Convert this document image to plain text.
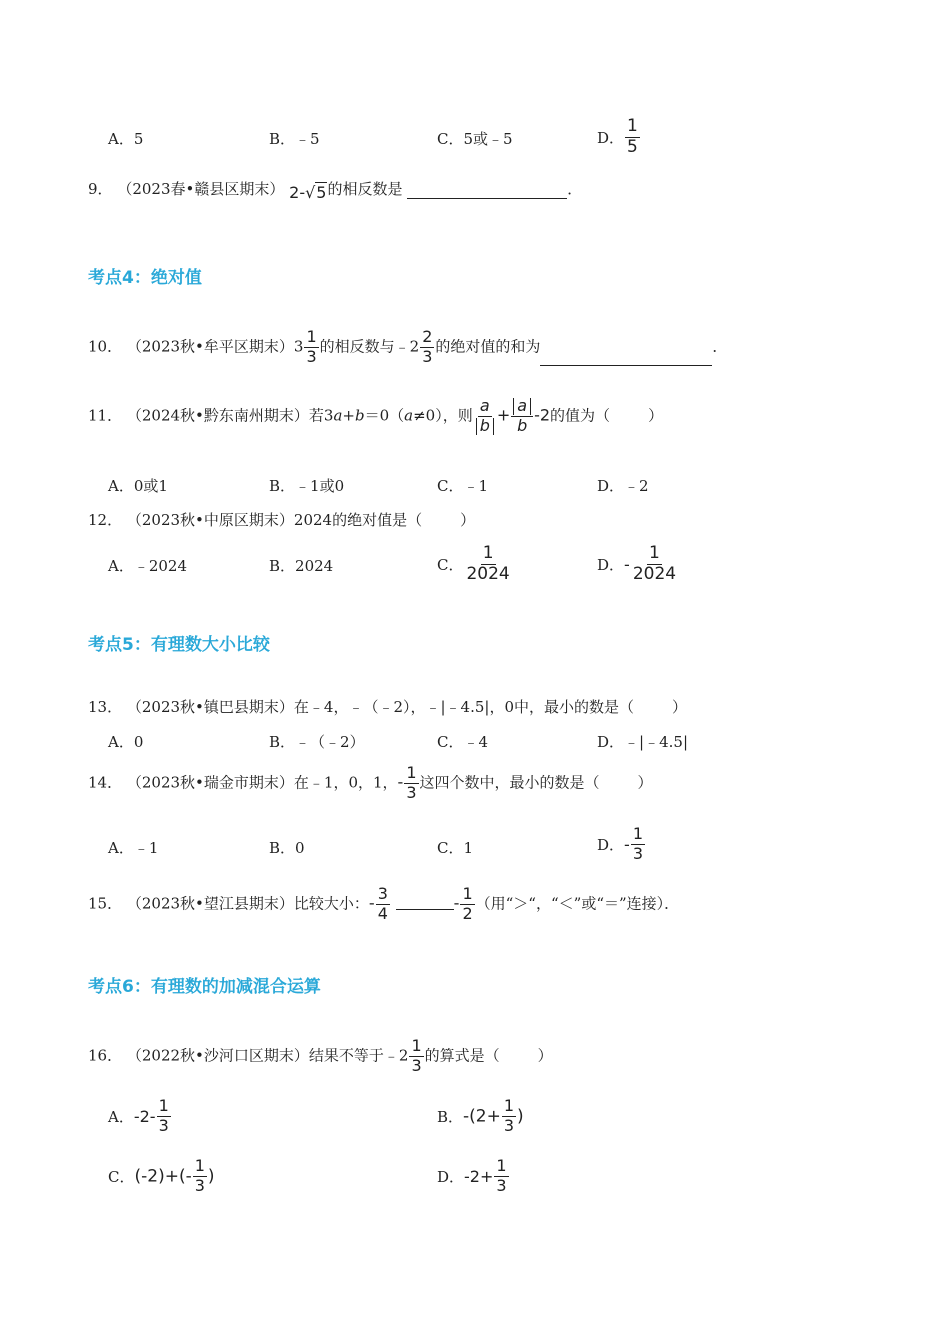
A．5	B．﹣5	C．5或﹣5	D． $\frac{1}{5}$
9． （2023春•赣县区期末） 2-√5的相反数是	．
考点4：绝对值
10． （2023秋•牟平区期末）$3 \frac{1}{3}$ 的相反数与﹣2 $\frac{2}{3}$ 的绝对值的和为	．
11． （2024秋•黔东南州期末）若3a+b＝0（a≠0），则 $\frac{a}{b} + \frac{a}{b} -2$的值为（	）
A．0或1	B．﹣1或0	C．﹣1	D．﹣2
12． （2023秋•中原区期末）2024的绝对值是（	）
A．﹣2024	B．2024	C． $\frac{1}{2024}$	D．- $\frac{1}{2024}$
考点5：有理数大小比较
13． （2023秋•镇巴县期末）在﹣4，﹣（﹣2），﹣|﹣4.5|，0中，最小的数是（	）
A．0	B．﹣（﹣2）	C．﹣4	D．﹣|﹣4.5|
14． （2023秋•瑞金市期末）在﹣1，0，1，- $\frac{1}{3}$ 这四个数中，最小的数是（	）
A．﹣1	B．0	C．1	D．- $\frac{1}{3}$
15． （2023秋•望江县期末）比较大小：- $\frac{3}{4}$	- $\frac{1}{2}$ （用“＞“，“＜”或“＝”连接）．
考点6：有理数的加减混合运算
16． （2022秋•沙河口区期末）结果不等于﹣2 $\frac{1}{3}$ 的算式是（	）
A．$-2- \frac{1}{3}$	B．$-(2+ \frac{1}{3}$ )
C．$(-2)+(- \frac{1}{3}$ )	D．$-2+ \frac{1}{3}$
